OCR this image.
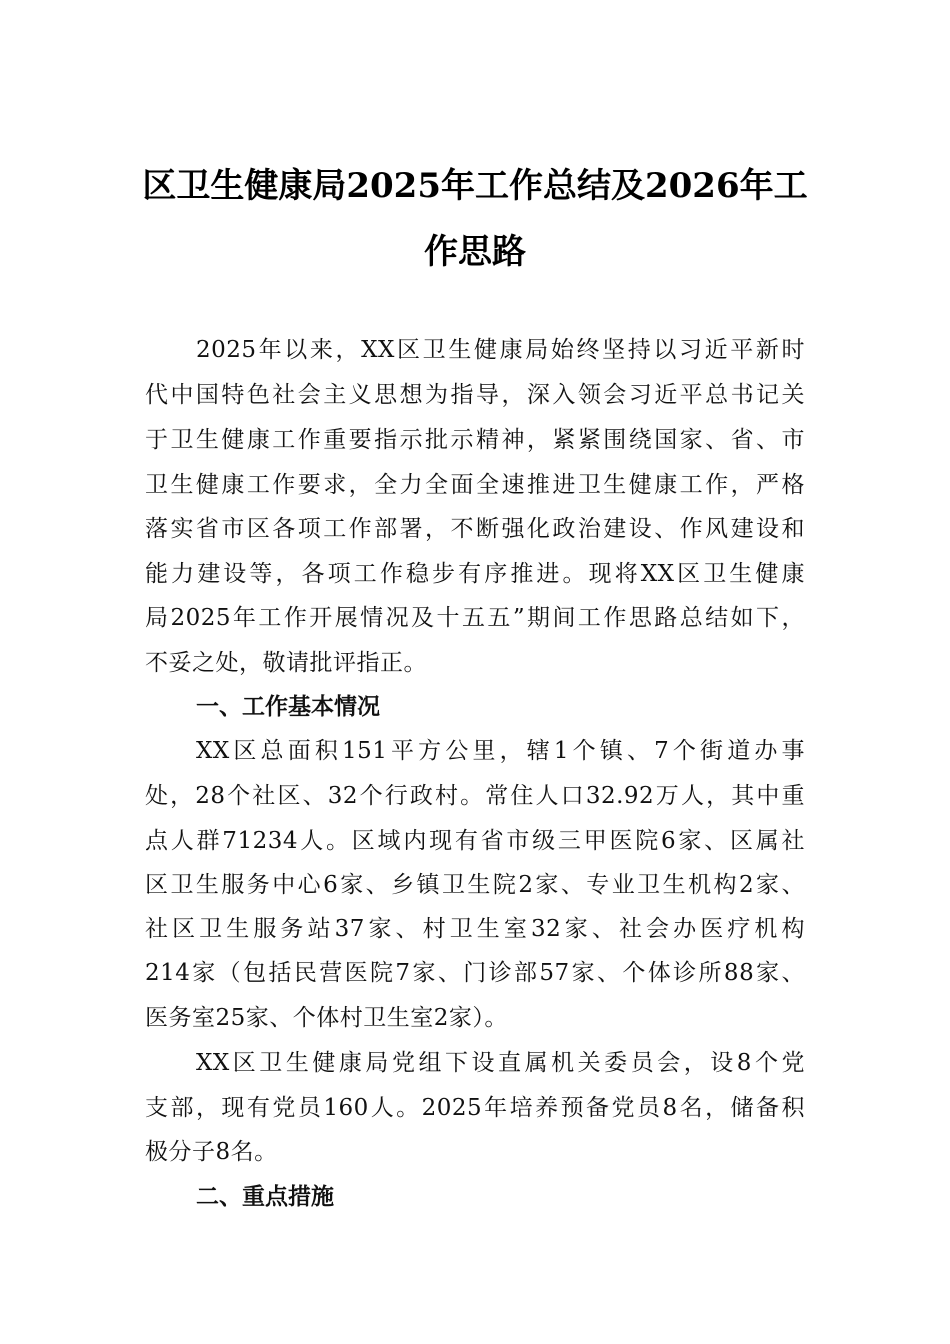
区卫生健康局2025年工作总结及2026年工
作思路
2025年以来，XX区卫生健康局始终坚持以习近平新时
代中国特色社会主义思想为指导，深入领会习近平总书记关
于卫生健康工作重要指示批示精神，紧紧围绕国家、省、市
卫生健康工作要求，全力全面全速推进卫生健康工作，严格
落实省市区各项工作部署，不断强化政治建设、作风建设和
能力建设等，各项工作稳步有序推进。现将XX区卫生健康
局2025年工作开展情况及十五五”期间工作思路总结如下，
不妥之处，敬请批评指正。
一、工作基本情况
XX区总面积151平方公里，辖1个镇、7个街道办事
处，28个社区、32个行政村。常住人口32.92万人，其中重
点人群71234人。区域内现有省市级三甲医院6家、区属社
区卫生服务中心6家、乡镇卫生院2家、专业卫生机构2家、
社区卫生服务站37家、村卫生室32家、社会办医疗机构
214家（包括民营医院7家、门诊部57家、个体诊所88家、
医务室25家、个体村卫生室2家）。
XX区卫生健康局党组下设直属机关委员会，设8个党
支部，现有党员160人。2025年培养预备党员8名，储备积
极分子8名。
二、重点措施
